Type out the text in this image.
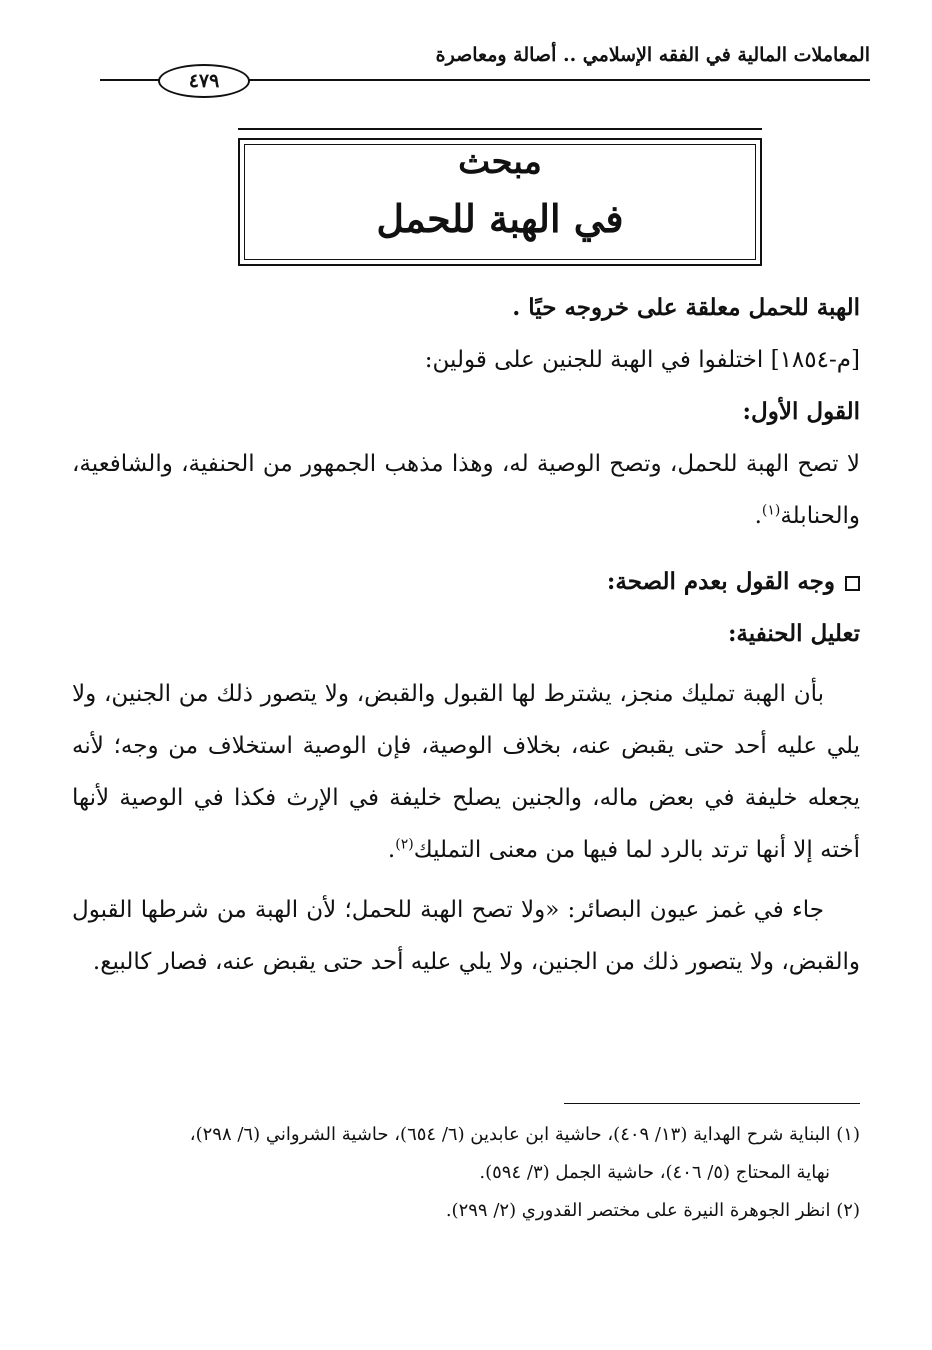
المعاملات المالية في الفقه الإسلامي .. أصالة ومعاصرة
٤٧٩
مبحث
في الهبة للحمل

الهبة للحمل معلقة على خروجه حيًا .

[م-١٨٥٤] اختلفوا في الهبة للجنين على قولين:

القول الأول:

لا تصح الهبة للحمل، وتصح الوصية له، وهذا مذهب الجمهور من الحنفية، والشافعية، والحنابلة$^{(١)}$.

وجه القول بعدم الصحة:

تعليل الحنفية:

بأن الهبة تمليك منجز، يشترط لها القبول والقبض، ولا يتصور ذلك من الجنين، ولا يلي عليه أحد حتى يقبض عنه، بخلاف الوصية، فإن الوصية استخلاف من وجه؛ لأنه يجعله خليفة في بعض ماله، والجنين يصلح خليفة في الإرث فكذا في الوصية لأنها أخته إلا أنها ترتد بالرد لما فيها من معنى التمليك$^{(٢)}$.

جاء في غمز عيون البصائر: «ولا تصح الهبة للحمل؛ لأن الهبة من شرطها القبول والقبض، ولا يتصور ذلك من الجنين، ولا يلي عليه أحد حتى يقبض عنه، فصار كالبيع.

(١) البناية شرح الهداية (١٣/ ٤٠٩)، حاشية ابن عابدين (٦/ ٦٥٤)، حاشية الشرواني (٦/ ٢٩٨)،

نهاية المحتاج (٥/ ٤٠٦)، حاشية الجمل (٣/ ٥٩٤).

(٢) انظر الجوهرة النيرة على مختصر القدوري (٢/ ٢٩٩).
